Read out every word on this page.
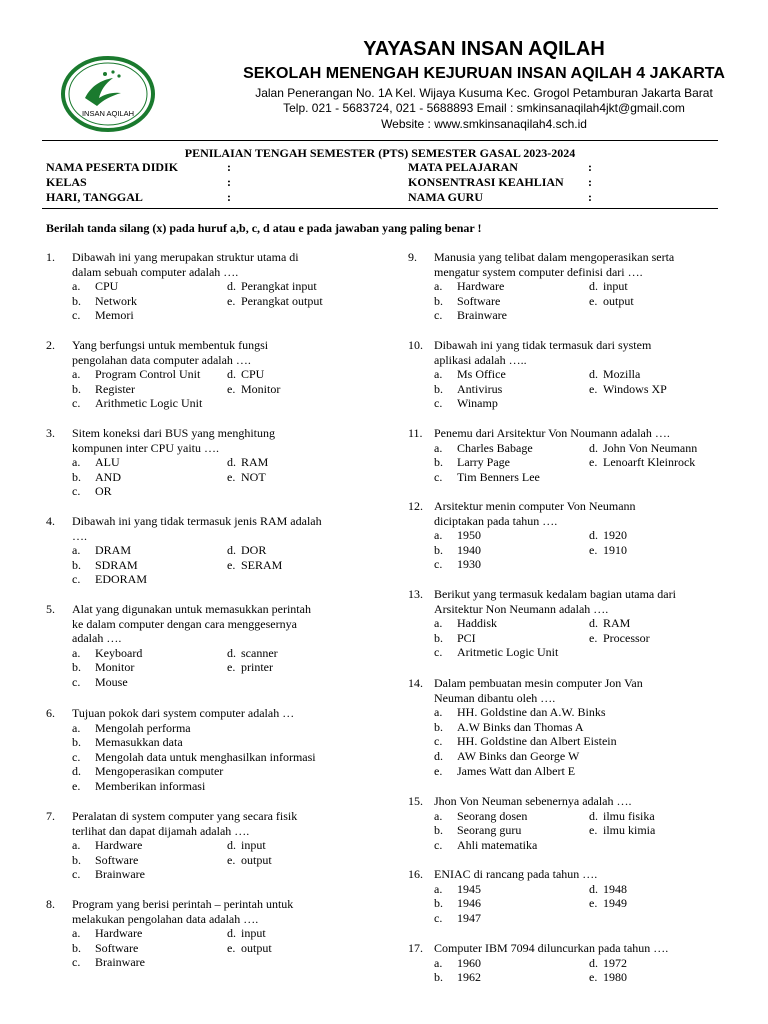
INSAN AQILAH
YAYASAN INSAN AQILAH
SEKOLAH MENENGAH KEJURUAN INSAN AQILAH 4 JAKARTA
Jalan Penerangan No. 1A Kel. Wijaya Kusuma Kec. Grogol Petamburan Jakarta Barat
Telp. 021 - 5683724, 021 - 5688893 Email : smkinsanaqilah4jkt@gmail.com
Website : www.smkinsanaqilah4.sch.id
PENILAIAN TENGAH SEMESTER (PTS) SEMESTER GASAL 2023-2024
NAMA PESERTA DIDIK	:
KELAS	:
HARI, TANGGAL	:
MATA PELAJARAN	:
KONSENTRASI KEAHLIAN :
NAMA GURU	:
Berilah tanda silang (x) pada huruf a,b, c, d atau e pada jawaban yang paling benar !
1. Dibawah ini yang merupakan struktur utama di
dalam sebuah computer adalah ….
a. CPU	d. Perangkat input
b. Network	e. Perangkat output
c. Memori
2. Yang berfungsi untuk membentuk fungsi
pengolahan data computer adalah ….
a. Program Control Unit d. CPU
b. Register	e. Monitor
c. Arithmetic Logic Unit
3. Sitem koneksi dari BUS yang menghitung
kompunen inter CPU yaitu ….
a. ALU	d. RAM
b. AND	e. NOT
c. OR
4. Dibawah ini yang tidak termasuk jenis RAM adalah
….
a. DRAM	d. DOR
b. SDRAM	e. SERAM
c. EDORAM
5. Alat yang digunakan untuk memasukkan perintah
ke dalam computer dengan cara menggesernya
adalah ….
a. Keyboard	d. scanner
b. Monitor	e. printer
c. Mouse
6. Tujuan pokok dari system computer adalah …
a. Mengolah performa
b. Memasukkan data
c. Mengolah data untuk menghasilkan informasi
d. Mengoperasikan computer
e. Memberikan informasi
7. Peralatan di system computer yang secara fisik
terlihat dan dapat dijamah adalah ….
a. Hardware	d. input
b. Software	e. output
c. Brainware
8. Program yang berisi perintah – perintah untuk
melakukan pengolahan data adalah ….
a. Hardware	d. input
b. Software	e. output
c. Brainware
9. Manusia yang telibat dalam mengoperasikan serta
mengatur system computer definisi dari ….
a. Hardware	d. input
b. Software	e. output
c. Brainware
10. Dibawah ini yang tidak termasuk dari system
aplikasi adalah …..
a. Ms Office	d. Mozilla
b. Antivirus	e. Windows XP
c. Winamp
11. Penemu dari Arsitektur Von Noumann adalah ….
a. Charles Babage	d. John Von Neumann
b. Larry Page	e. Lenoarft Kleinrock
c. Tim Benners Lee
12. Arsitektur menin computer Von Neumann
diciptakan pada tahun ….
a. 1950	d. 1920
b. 1940	e. 1910
c. 1930
13. Berikut yang termasuk kedalam bagian utama dari
Arsitektur Non Neumann adalah ….
a. Haddisk	d. RAM
b. PCI	e. Processor
c. Aritmetic Logic Unit
14. Dalam pembuatan mesin computer Jon Van
Neuman dibantu oleh ….
a. HH. Goldstine dan A.W. Binks
b. A.W Binks dan Thomas A
c. HH. Goldstine dan Albert Eistein
d. AW Binks dan George W
e. James Watt dan Albert E
15. Jhon Von Neuman sebenernya adalah ….
a. Seorang dosen	d. ilmu fisika
b. Seorang guru	e. ilmu kimia
c. Ahli matematika
16. ENIAC di rancang pada tahun ….
a. 1945	d. 1948
b. 1946	e. 1949
c. 1947
17. Computer IBM 7094 diluncurkan pada tahun ….
a. 1960	d. 1972
b. 1962	e. 1980
